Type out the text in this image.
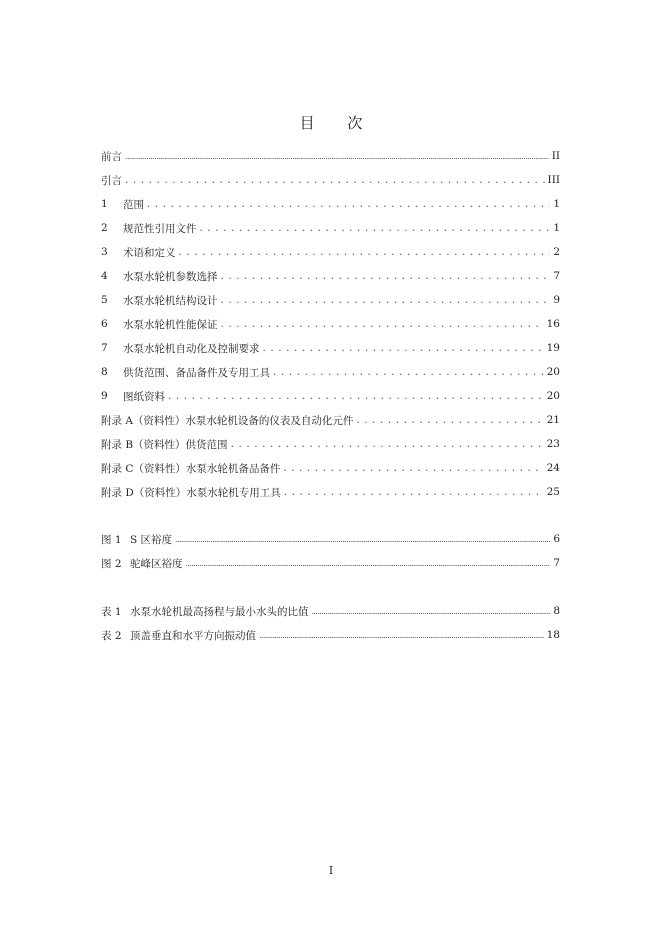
目 次
前言 .....	II
引言 . . .	III
1	范围 . . .	1
2	规范性引用文件 . . .	1
3	术语和定义 . . .	2
4	水泵水轮机参数选择 . . .	7
5	水泵水轮机结构设计 . . .	9
6	水泵水轮机性能保证 . . .	16
7	水泵水轮机自动化及控制要求 . . .	19
8	供货范围、备品备件及专用工具 . . .	20
9	图纸资料 . . .	20
附录 A（资料性）水泵水轮机设备的仪表及自动化元件 . . .	21
附录 B（资料性）供货范围 . . .	23
附录 C（资料性）水泵水轮机备品备件 . . .	24
附录 D（资料性）水泵水轮机专用工具 . . .	25
图 1 S 区裕度 .....	6
图 2 驼峰区裕度 .....	7
表 1 水泵水轮机最高扬程与最小水头的比值 .....	8
表 2 顶盖垂直和水平方向振动值 .....	18
I
